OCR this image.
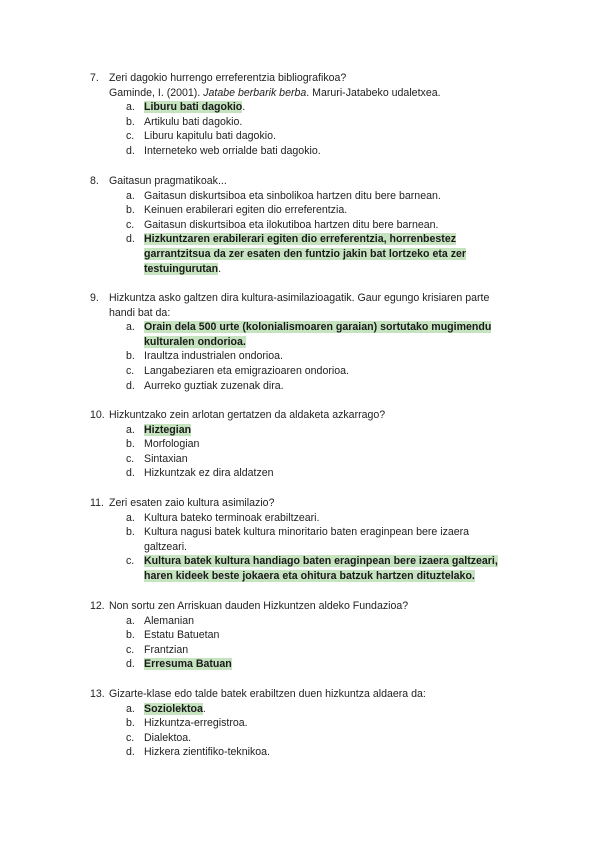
7. Zeri dagokio hurrengo erreferentzia bibliografikoa?
Gaminde, I. (2001). Jatabe berbarik berba. Maruri-Jatabeko udaletxea.
a. Liburu bati dagokio.
b. Artikulu bati dagokio.
c. Liburu kapitulu bati dagokio.
d. Interneteko web orrialde bati dagokio.
8. Gaitasun pragmatikoak...
a. Gaitasun diskurtsiboa eta sinbolikoa hartzen ditu bere barnean.
b. Keinuen erabilerari egiten dio erreferentzia.
c. Gaitasun diskurtsiboa eta ilokutiboa hartzen ditu bere barnean.
d. Hizkuntzaren erabilerari egiten dio erreferentzia, horrenbestez
garrantzitsua da zer esaten den funtzio jakin bat lortzeko eta zer
testuingurutan.
9. Hizkuntza asko galtzen dira kultura-asimilazioagatik. Gaur egungo krisiaren parte
handi bat da:
a. Orain dela 500 urte (kolonialismoaren garaian) sortutako mugimendu
kulturalen ondorioa.
b. Iraultza industrialen ondorioa.
c. Langabeziaren eta emigrazioaren ondorioa.
d. Aurreko guztiak zuzenak dira.
10. Hizkuntzako zein arlotan gertatzen da aldaketa azkarrago?
a. Hiztegian
b. Morfologian
c. Sintaxian
d. Hizkuntzak ez dira aldatzen
11. Zeri esaten zaio kultura asimilazio?
a. Kultura bateko terminoak erabiltzeari.
b. Kultura nagusi batek kultura minoritario baten eraginpean bere izaera
galtzeari.
c. Kultura batek kultura handiago baten eraginpean bere izaera galtzeari,
haren kideek beste jokaera eta ohitura batzuk hartzen dituztelako.
12. Non sortu zen Arriskuan dauden Hizkuntzen aldeko Fundazioa?
a. Alemanian
b. Estatu Batuetan
c. Frantzian
d. Erresuma Batuan
13. Gizarte-klase edo talde batek erabiltzen duen hizkuntza aldaera da:
a. Soziolektoa.
b. Hizkuntza-erregistroa.
c. Dialektoa.
d. Hizkera zientifiko-teknikoa.
